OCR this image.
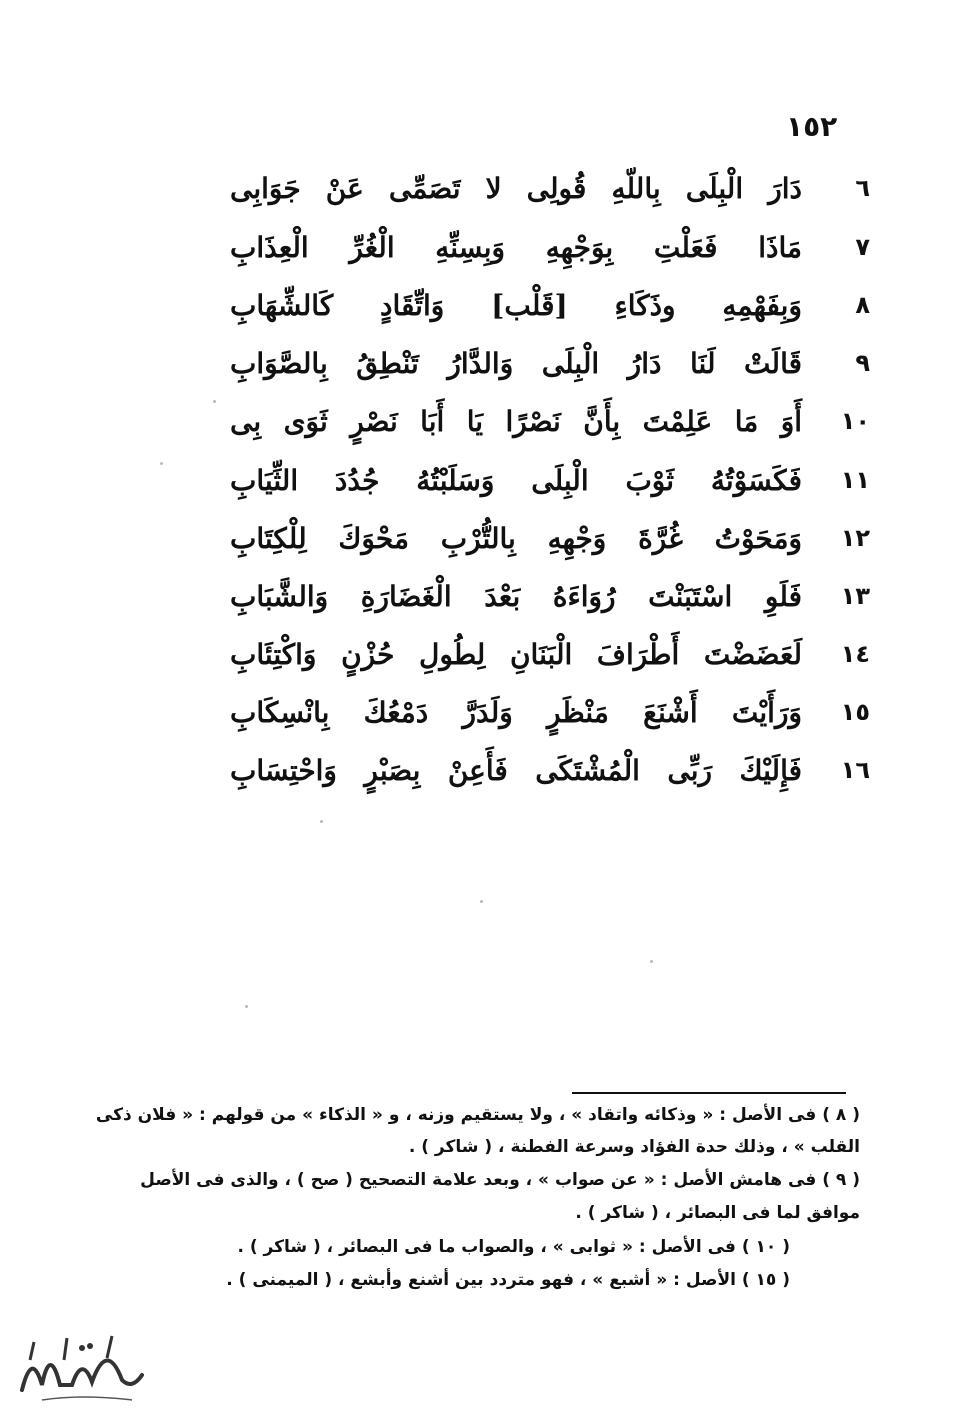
١٥٢
٦
دَارَ الْبِلَى بِاللّهِ قُولِى لا تَصَمِّى عَنْ جَوَابِى
٧
مَاذَا فَعَلْتِ بِوَجْهِهِ وَبِسِنِّهِ الْغُرِّ الْعِذَابِ
٨
وَبِفَهْمِهِ وذَكَاءِ [قَلْب] وَاتِّقَادٍ كَالشِّهَابِ
٩
قَالَتْ لَنَا دَارُ الْبِلَى وَالدَّارُ تَنْطِقُ بِالصَّوَابِ
١٠
أَوَ مَا عَلِمْتَ بِأَنَّ نَصْرًا يَا أَبَا نَصْرٍ ثَوَى بِى
١١
فَكَسَوْتُهُ ثَوْبَ الْبِلَى وَسَلَبْتُهُ جُدُدَ الثِّيَابِ
١٢
وَمَحَوْتُ غُرَّةَ وَجْهِهِ بِالتُّرْبِ مَحْوَكَ لِلْكِتَابِ
١٣
فَلَوِ اسْتَبَنْتَ رُوَاءَهُ بَعْدَ الْغَضَارَةِ وَالشَّبَابِ
١٤
لَعَضَضْتَ أَطْرَافَ الْبَنَانِ لِطُولِ حُزْنٍ وَاكْتِئَابِ
١٥
وَرَأَيْتَ أَشْنَعَ مَنْظَرٍ وَلَدَرَّ دَمْعُكَ بِانْسِكَابِ
١٦
فَإِلَيْكَ رَبِّى الْمُشْتَكَى فَأَعِنْ بِصَبْرٍ وَاحْتِسَابِ
( ٨ ) فى الأصل : « وذكائه واتقاد » ، ولا يستقيم وزنه ، و « الذكاء » من قولهم : « فلان ذكى
القلب » ، وذلك حدة الفؤاد وسرعة الفطنة ، ( شاكر ) .
( ٩ ) فى هامش الأصل : « عن صواب » ، وبعد علامة التصحيح ( صح ) ، والذى فى الأصل
موافق لما فى البصائر ، ( شاكر ) .
( ١٠ ) فى الأصل : « ثوابى » ، والصواب ما فى البصائر ، ( شاكر ) .
( ١٥ ) الأصل : « أشبع » ، فهو متردد بين أشنع وأبشع ، ( الميمنى ) .
